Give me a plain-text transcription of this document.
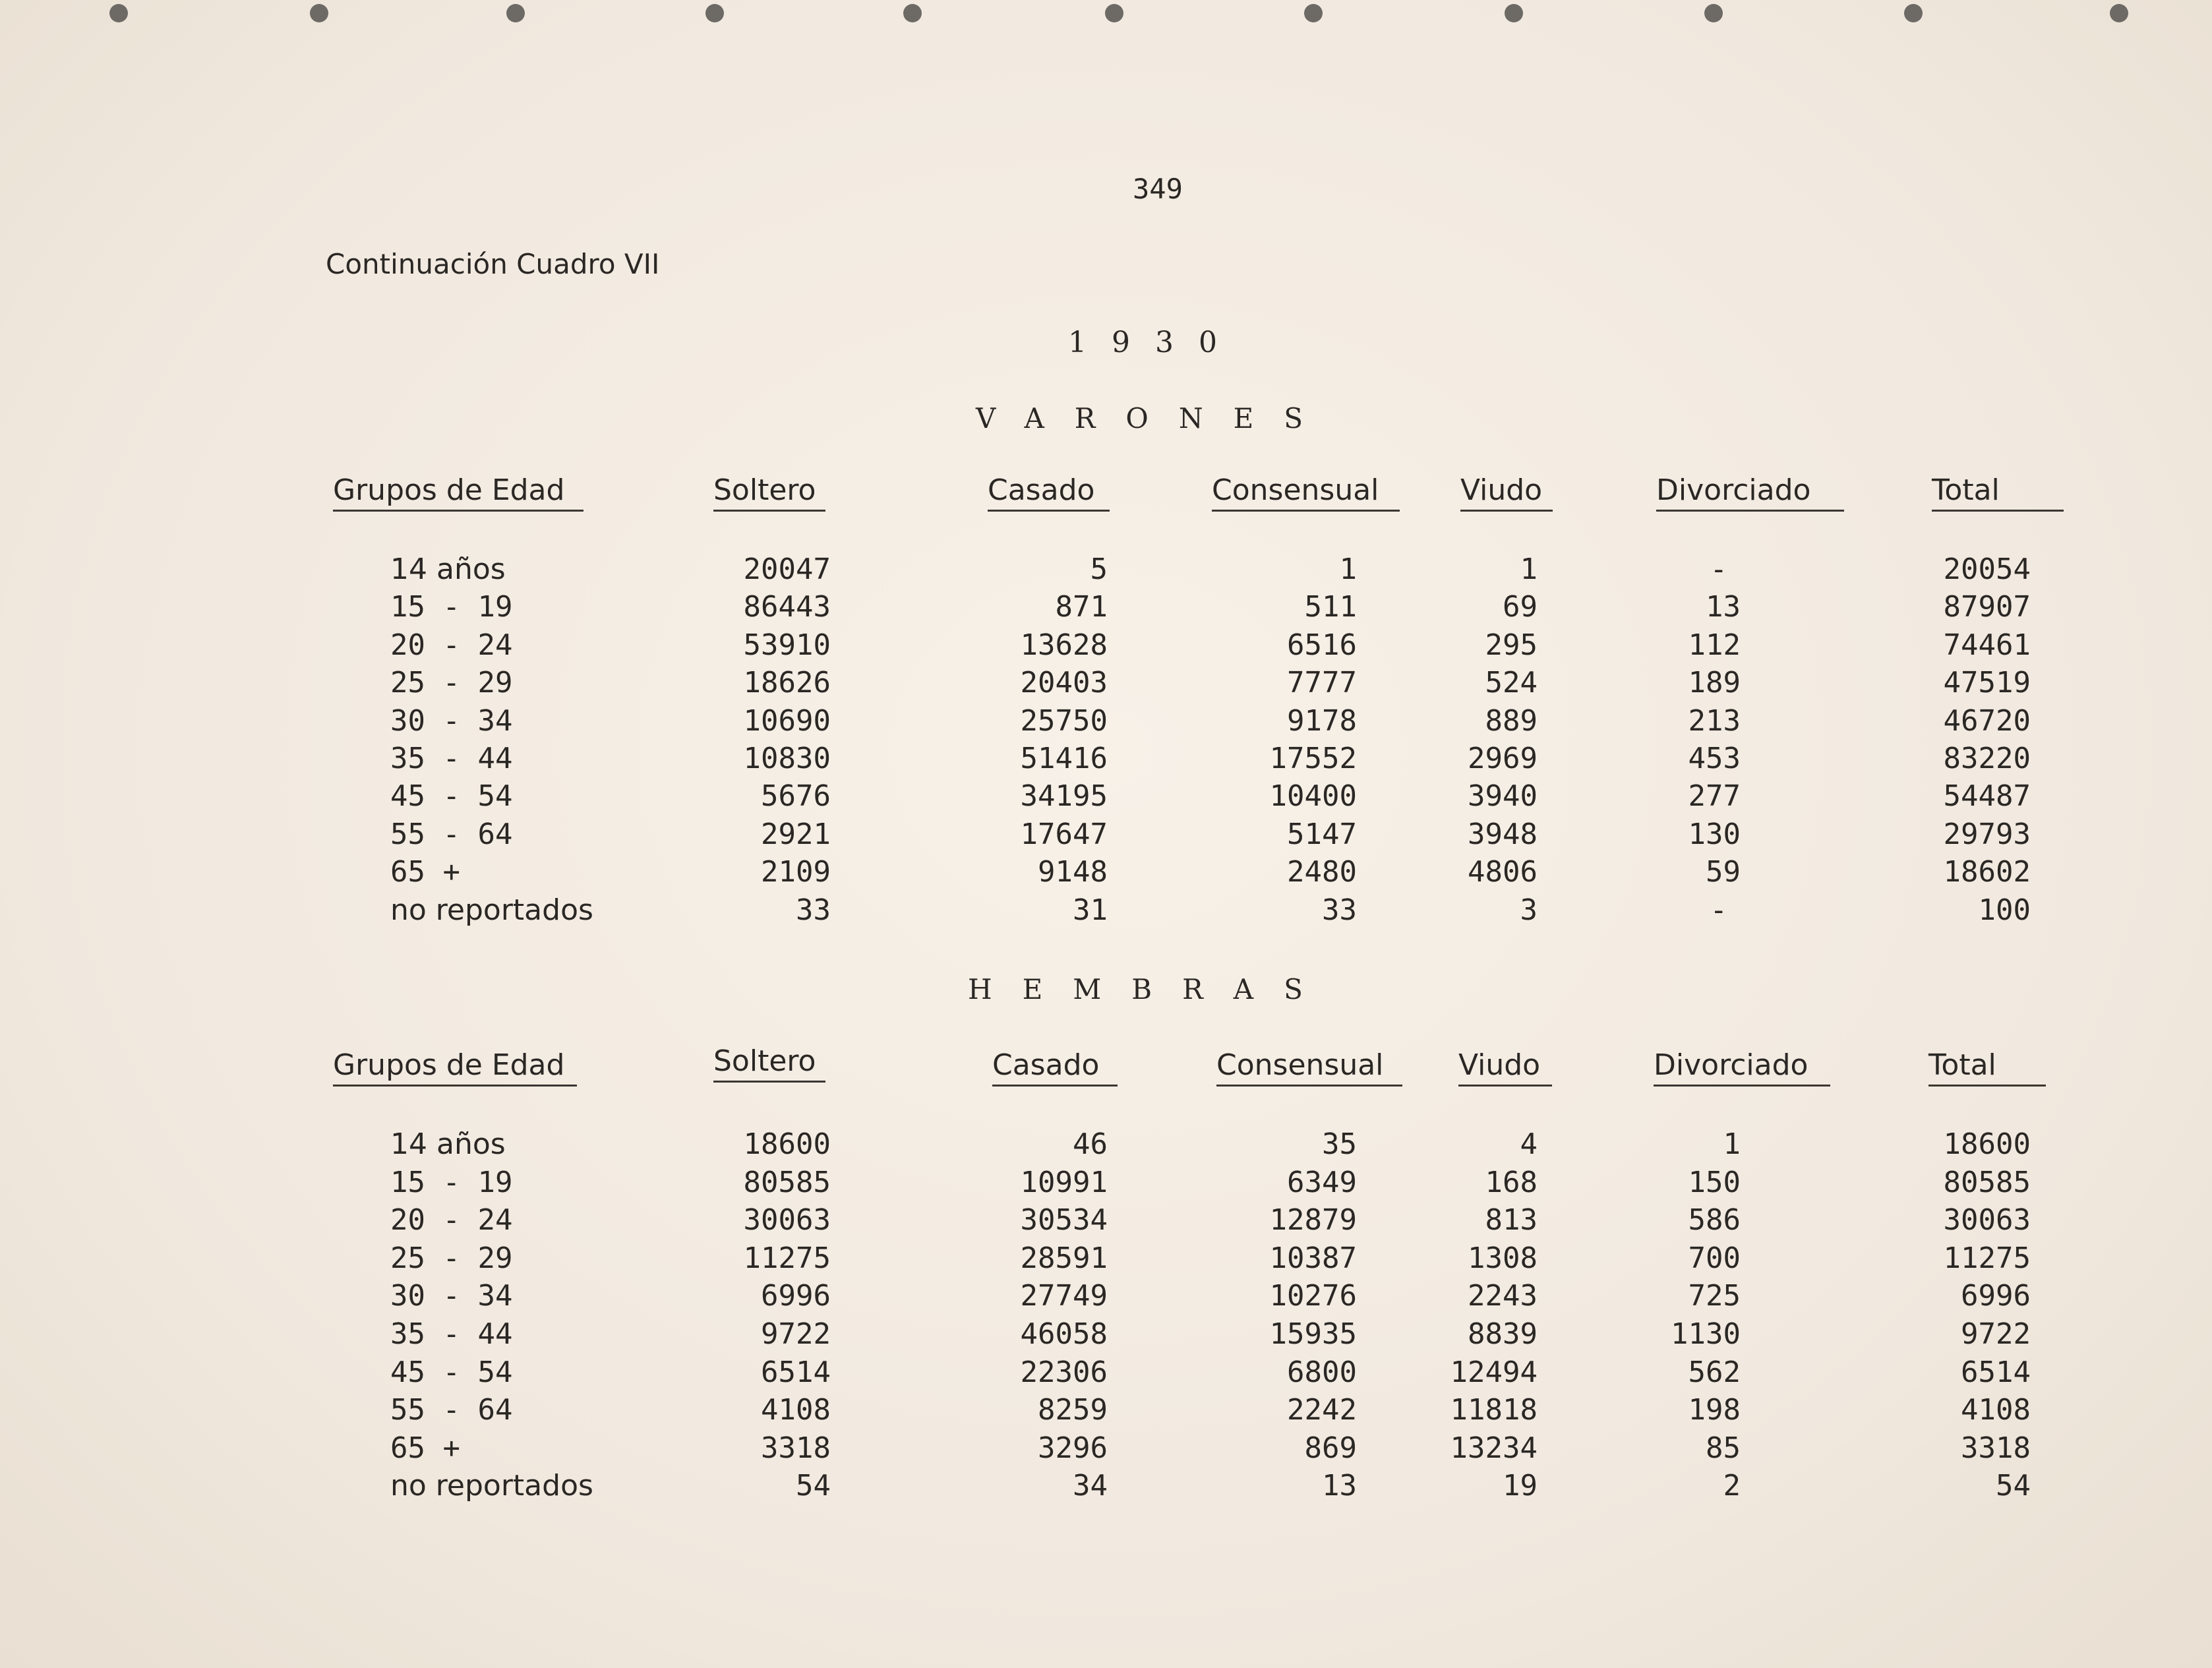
349
Continuación Cuadro VII
1930
VARONES
Grupos de Edad	Soltero	Casado	Consensual	Viudo	Divorciado	Total
14 años	20047	5	1	1	-	20054
15 - 19	86443	871	511	69	13	87907
20 - 24	53910	13628	6516	295	112	74461
25 - 29	18626	20403	7777	524	189	47519
30 - 34	10690	25750	9178	889	213	46720
35 - 44	10830	51416	17552	2969	453	83220
45 - 54	5676	34195	10400	3940	277	54487
55 - 64	2921	17647	5147	3948	130	29793
65 +	2109	9148	2480	4806	59	18602
no reportados	33	31	33	3	-	100
HEMBRAS
Grupos de Edad	Soltero	Casado	Consensual	Viudo	Divorciado	Total
14 años	18600	46	35	4	1	18600
15 - 19	80585	10991	6349	168	150	80585
20 - 24	30063	30534	12879	813	586	30063
25 - 29	11275	28591	10387	1308	700	11275
30 - 34	6996	27749	10276	2243	725	6996
35 - 44	9722	46058	15935	8839	1130	9722
45 - 54	6514	22306	6800	12494	562	6514
55 - 64	4108	8259	2242	11818	198	4108
65 +	3318	3296	869	13234	85	3318
no reportados	54	34	13	19	2	54
